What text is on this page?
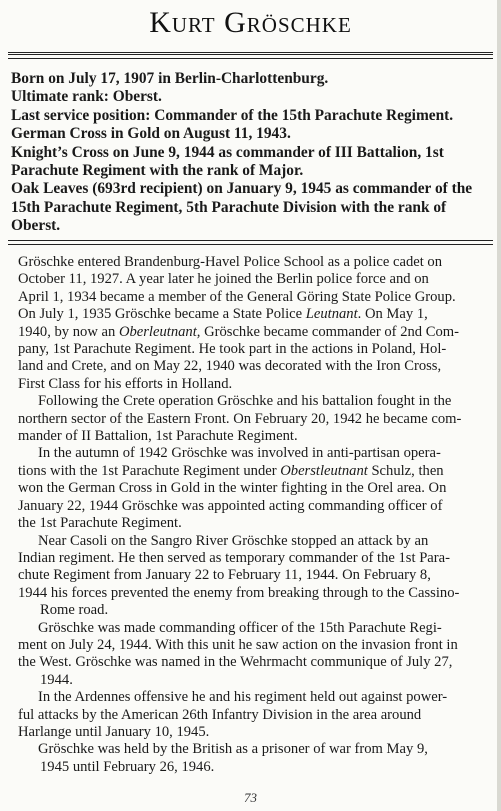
Kurt Gröschke
Born on July 17, 1907 in Berlin-Charlottenburg.
Ultimate rank: Oberst.
Last service position: Commander of the 15th Parachute Regiment.
German Cross in Gold on August 11, 1943.
Knight’s Cross on June 9, 1944 as commander of III Battalion, 1st
Parachute Regiment with the rank of Major.
Oak Leaves (693rd recipient) on January 9, 1945 as commander of the
15th Parachute Regiment, 5th Parachute Division with the rank of
Oberst.
Gröschke entered Brandenburg-Havel Police School as a police cadet on
October 11, 1927. A year later he joined the Berlin police force and on
April 1, 1934 became a member of the General Göring State Police Group.
On July 1, 1935 Gröschke became a State Police Leutnant. On May 1,
1940, by now an Oberleutnant, Gröschke became commander of 2nd Com-
pany, 1st Parachute Regiment. He took part in the actions in Poland, Hol-
land and Crete, and on May 22, 1940 was decorated with the Iron Cross,
First Class for his efforts in Holland.
Following the Crete operation Gröschke and his battalion fought in the
northern sector of the Eastern Front. On February 20, 1942 he became com-
mander of II Battalion, 1st Parachute Regiment.
In the autumn of 1942 Gröschke was involved in anti-partisan opera-
tions with the 1st Parachute Regiment under Oberstleutnant Schulz, then
won the German Cross in Gold in the winter fighting in the Orel area. On
January 22, 1944 Gröschke was appointed acting commanding officer of
the 1st Parachute Regiment.
Near Casoli on the Sangro River Gröschke stopped an attack by an
Indian regiment. He then served as temporary commander of the 1st Para-
chute Regiment from January 22 to February 11, 1944. On February 8,
1944 his forces prevented the enemy from breaking through to the Cassino-
Rome road.
Gröschke was made commanding officer of the 15th Parachute Regi-
ment on July 24, 1944. With this unit he saw action on the invasion front in
the West. Gröschke was named in the Wehrmacht communique of July 27,
1944.
In the Ardennes offensive he and his regiment held out against power-
ful attacks by the American 26th Infantry Division in the area around
Harlange until January 10, 1945.
Gröschke was held by the British as a prisoner of war from May 9,
1945 until February 26, 1946.
73
